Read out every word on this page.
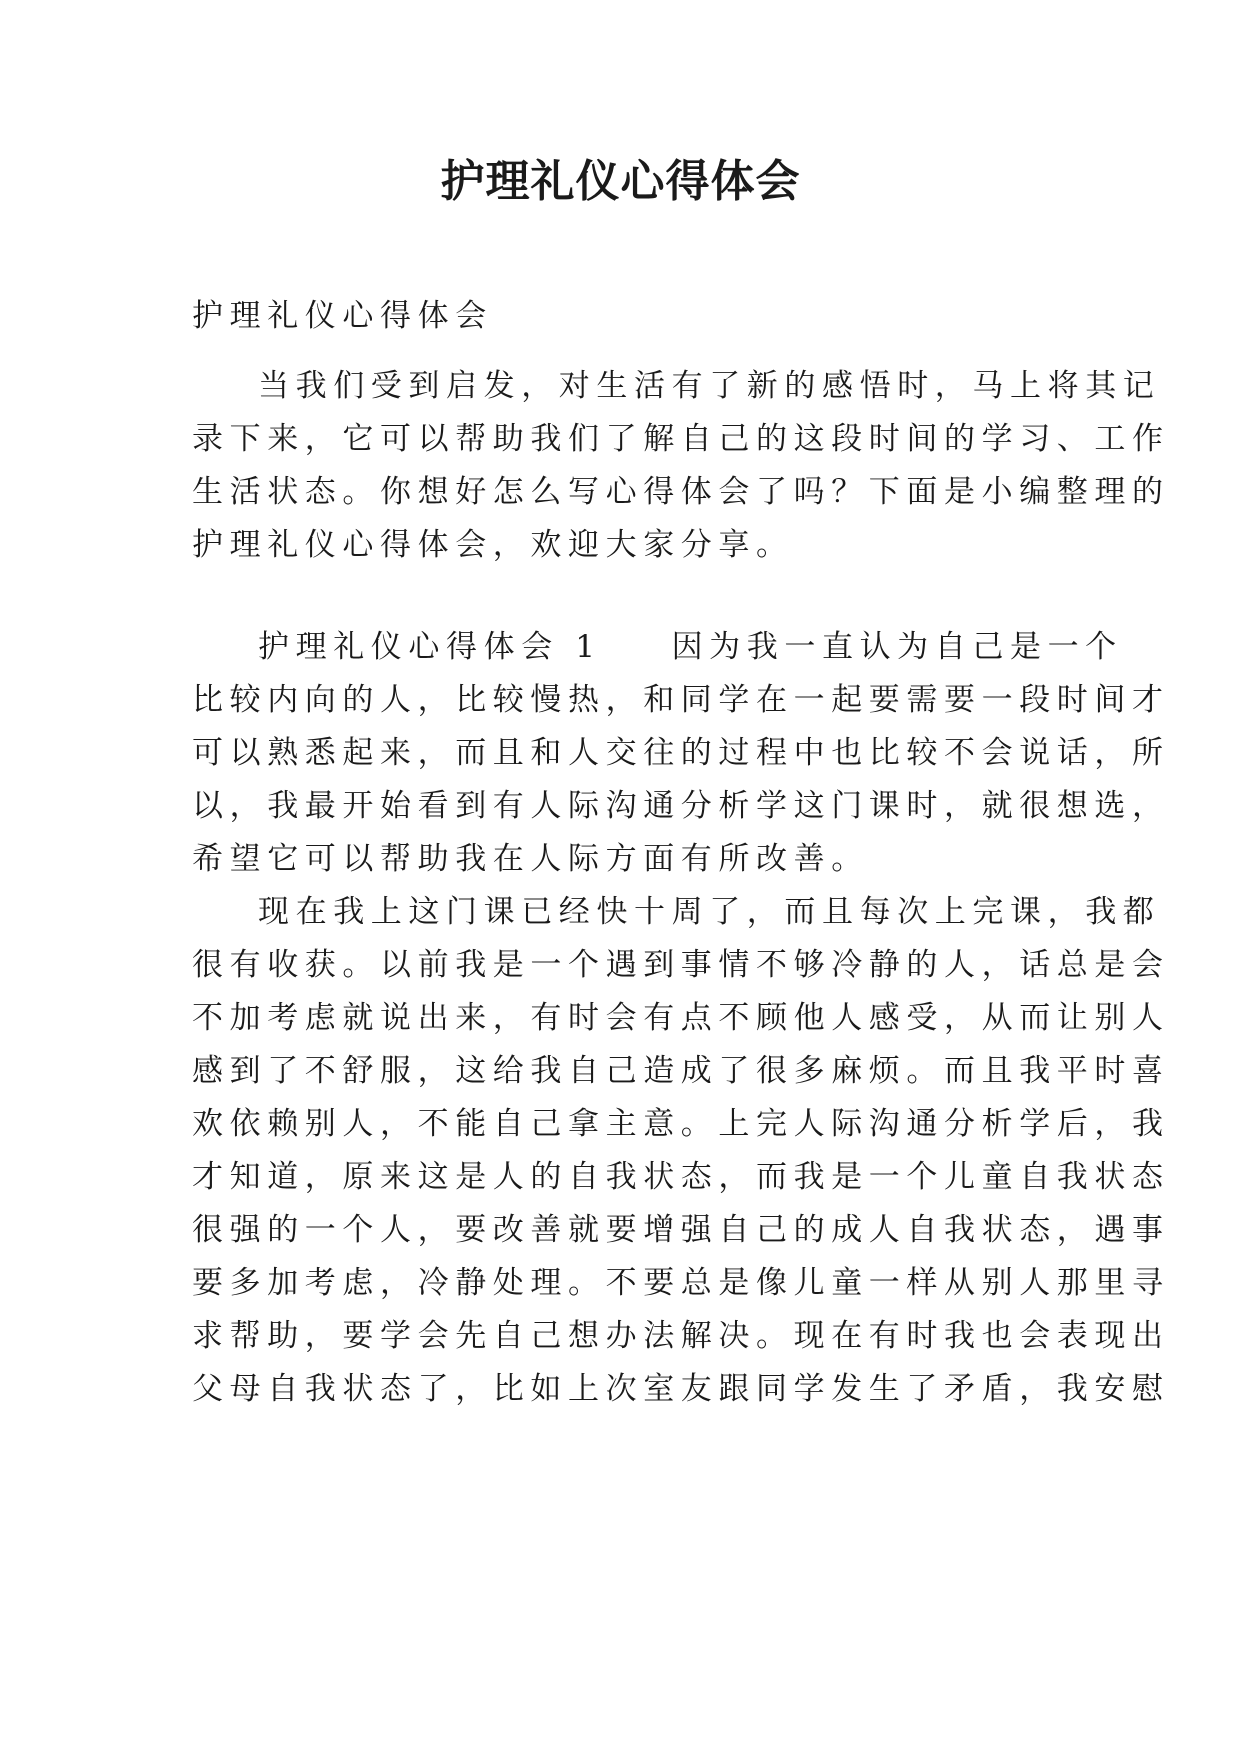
护理礼仪心得体会

护理礼仪心得体会

当我们受到启发，对生活有了新的感悟时，马上将其记

录下来，它可以帮助我们了解自己的这段时间的学习、工作

生活状态。你想好怎么写心得体会了吗？下面是小编整理的

护理礼仪心得体会，欢迎大家分享。

护理礼仪心得体会 1 因为我一直认为自己是一个

比较内向的人，比较慢热，和同学在一起要需要一段时间才

可以熟悉起来，而且和人交往的过程中也比较不会说话，所

以，我最开始看到有人际沟通分析学这门课时，就很想选，

希望它可以帮助我在人际方面有所改善。

现在我上这门课已经快十周了，而且每次上完课，我都

很有收获。以前我是一个遇到事情不够冷静的人，话总是会

不加考虑就说出来，有时会有点不顾他人感受，从而让别人

感到了不舒服，这给我自己造成了很多麻烦。而且我平时喜

欢依赖别人，不能自己拿主意。上完人际沟通分析学后，我

才知道，原来这是人的自我状态，而我是一个儿童自我状态

很强的一个人，要改善就要增强自己的成人自我状态，遇事

要多加考虑，冷静处理。不要总是像儿童一样从别人那里寻

求帮助，要学会先自己想办法解决。现在有时我也会表现出

父母自我状态了，比如上次室友跟同学发生了矛盾，我安慰
